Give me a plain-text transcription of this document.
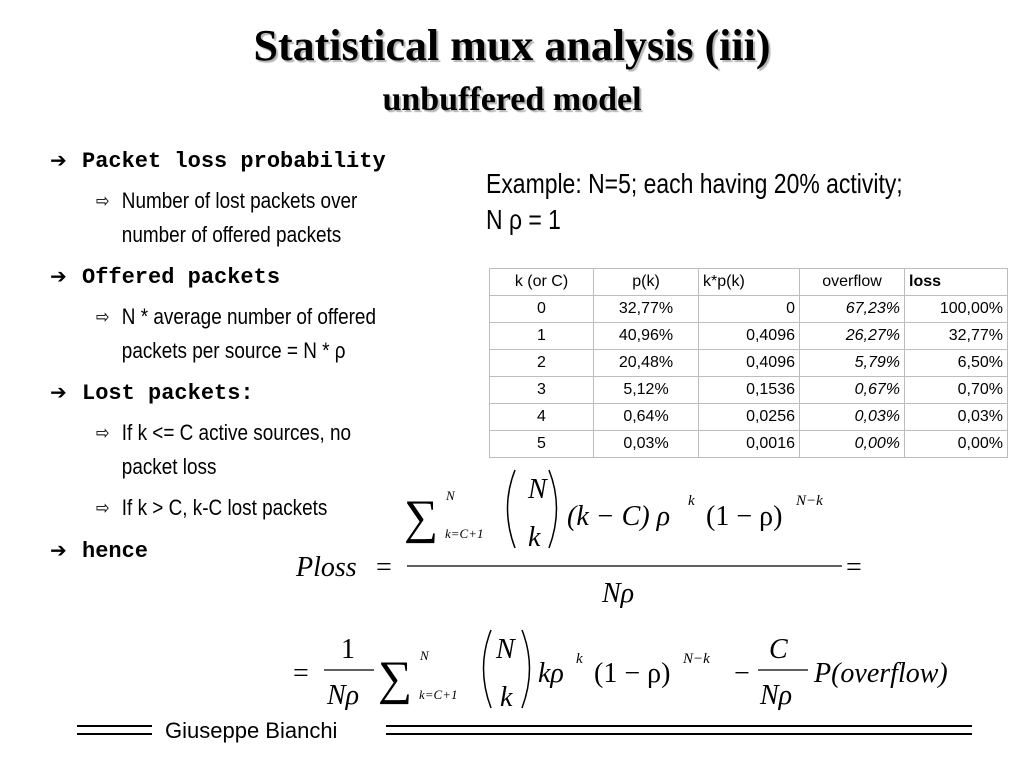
Statistical mux analysis (iii)
unbuffered model
➔ Packet loss probability
⇨ Number of lost packets over number of offered packets
➔ Offered packets
⇨ N * average number of offered packets per source = N * ρ
➔ Lost packets:
⇨ If k <= C active sources, no packet loss
⇨ If k > C, k-C lost packets
➔ hence
Example: N=5; each having 20% activity;
N ρ = 1
k (or C)	p(k)	k*p(k)	overflow	loss
0	32,77%	0	67,23%	100,00%
1	40,96%	0,4096	26,27%	32,77%
2	20,48%	0,4096	5,79%	6,50%
3	5,12%	0,1536	0,67%	0,70%
4	0,64%	0,0256	0,03%	0,03%
5	0,03%	0,0016	0,00%	0,00%
∑ N
k=C+1
N
k
(k − C) ρ k (1 − ρ) N−k
Ploss =
Nρ
=
=
1
Nρ ∑ N
k=C+1
N
k
kρ k (1 − ρ) N−k −
C
Nρ
P(overflow)
Giuseppe Bianchi
